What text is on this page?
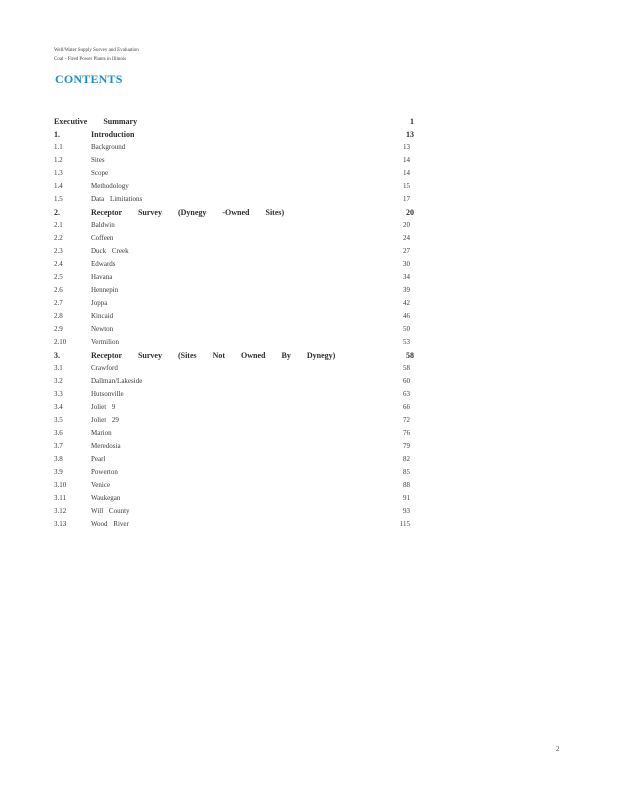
Well/Water Supply Survey and Evaluation
Coal - Fired Power Plants in Illinois
CONTENTS
Executive Summary	1
1.	Introduction	13
1.1	Background	13
1.2	Sites	14
1.3	Scope	14
1.4	Methodology	15
1.5	Data Limitations	17
2.	Receptor Survey (Dynegy -Owned Sites)	20
2.1	Baldwin	20
2.2	Coffeen	24
2.3	Duck Creek	27
2.4	Edwards	30
2.5	Havana	34
2.6	Hennepin	39
2.7	Joppa	42
2.8	Kincaid	46
2.9	Newton	50
2.10	Vermilion	53
3.	Receptor Survey (Sites Not Owned By Dynegy)	58
3.1	Crawford	58
3.2	Dallman/Lakeside	60
3.3	Hutsonville	63
3.4	Joliet 9	66
3.5	Joliet 29	72
3.6	Marion	76
3.7	Meredosia	79
3.8	Pearl	82
3.9	Powerton	85
3.10	Venice	88
3.11	Waukegan	91
3.12	Will County	93
3.13	Wood River	115
2
